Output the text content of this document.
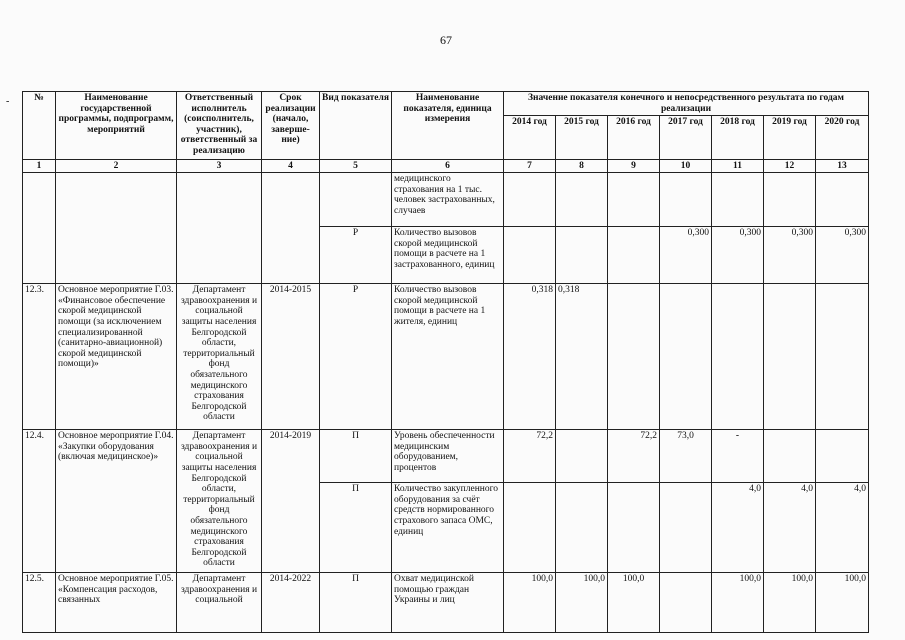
67
-	№	Наименование государственной программы, подпрограмм, мероприятий	Ответственный исполнитель (соисполнитель, участник), ответственный за реализацию	Срок реализации (начало, заверше-ние)	Вид показателя	Наименование показателя, единица измерения	Значение показателя конечного и непосредственного результата по годам реализации						
						2014 год	2015 год	2016 год	2017 год	2018 год	2019 год	2020 год
1	2	3	4	5	6	7	8	9	10	11	12	13
					медицинского страхования на 1 тыс. человек застрахованных, случаев							
				Р	Количество вызовов скорой медицинской помощи в расчете на 1 застрахованного, единиц				0,300	0,300	0,300	0,300
12.3.	Основное мероприятие Г.03. «Финансовое обеспечение скорой медицинской помощи (за исключением специализированной (санитарно-авиационной) скорой медицинской помощи)»	Департамент здравоохранения и социальной защиты населения Белгородской области, территориальный фонд обязательного медицинского страхования Белгородской области	2014-2015	Р	Количество вызовов скорой медицинской помощи в расчете на 1 жителя, единиц	0,318	0,318					
12.4.	Основное мероприятие Г.04. «Закупки оборудования (включая медицинское)»	Департамент здравоохранения и социальной защиты населения Белгородской области, территориальный фонд обязательного медицинского страхования Белгородской области	2014-2019	П	Уровень обеспеченности медицинским оборудованием, процентов	72,2		72,2	73,0	-		
				П	Количество закупленного оборудования за счёт средств нормированного страхового запаса ОМС, единиц					4,0	4,0	4,0
12.5.	Основное мероприятие Г.05. «Компенсация расходов, связанных	Департамент здравоохранения и социальной	2014-2022	П	Охват медицинской помощью граждан Украины и лиц	100,0	100,0	100,0		100,0	100,0	100,0
